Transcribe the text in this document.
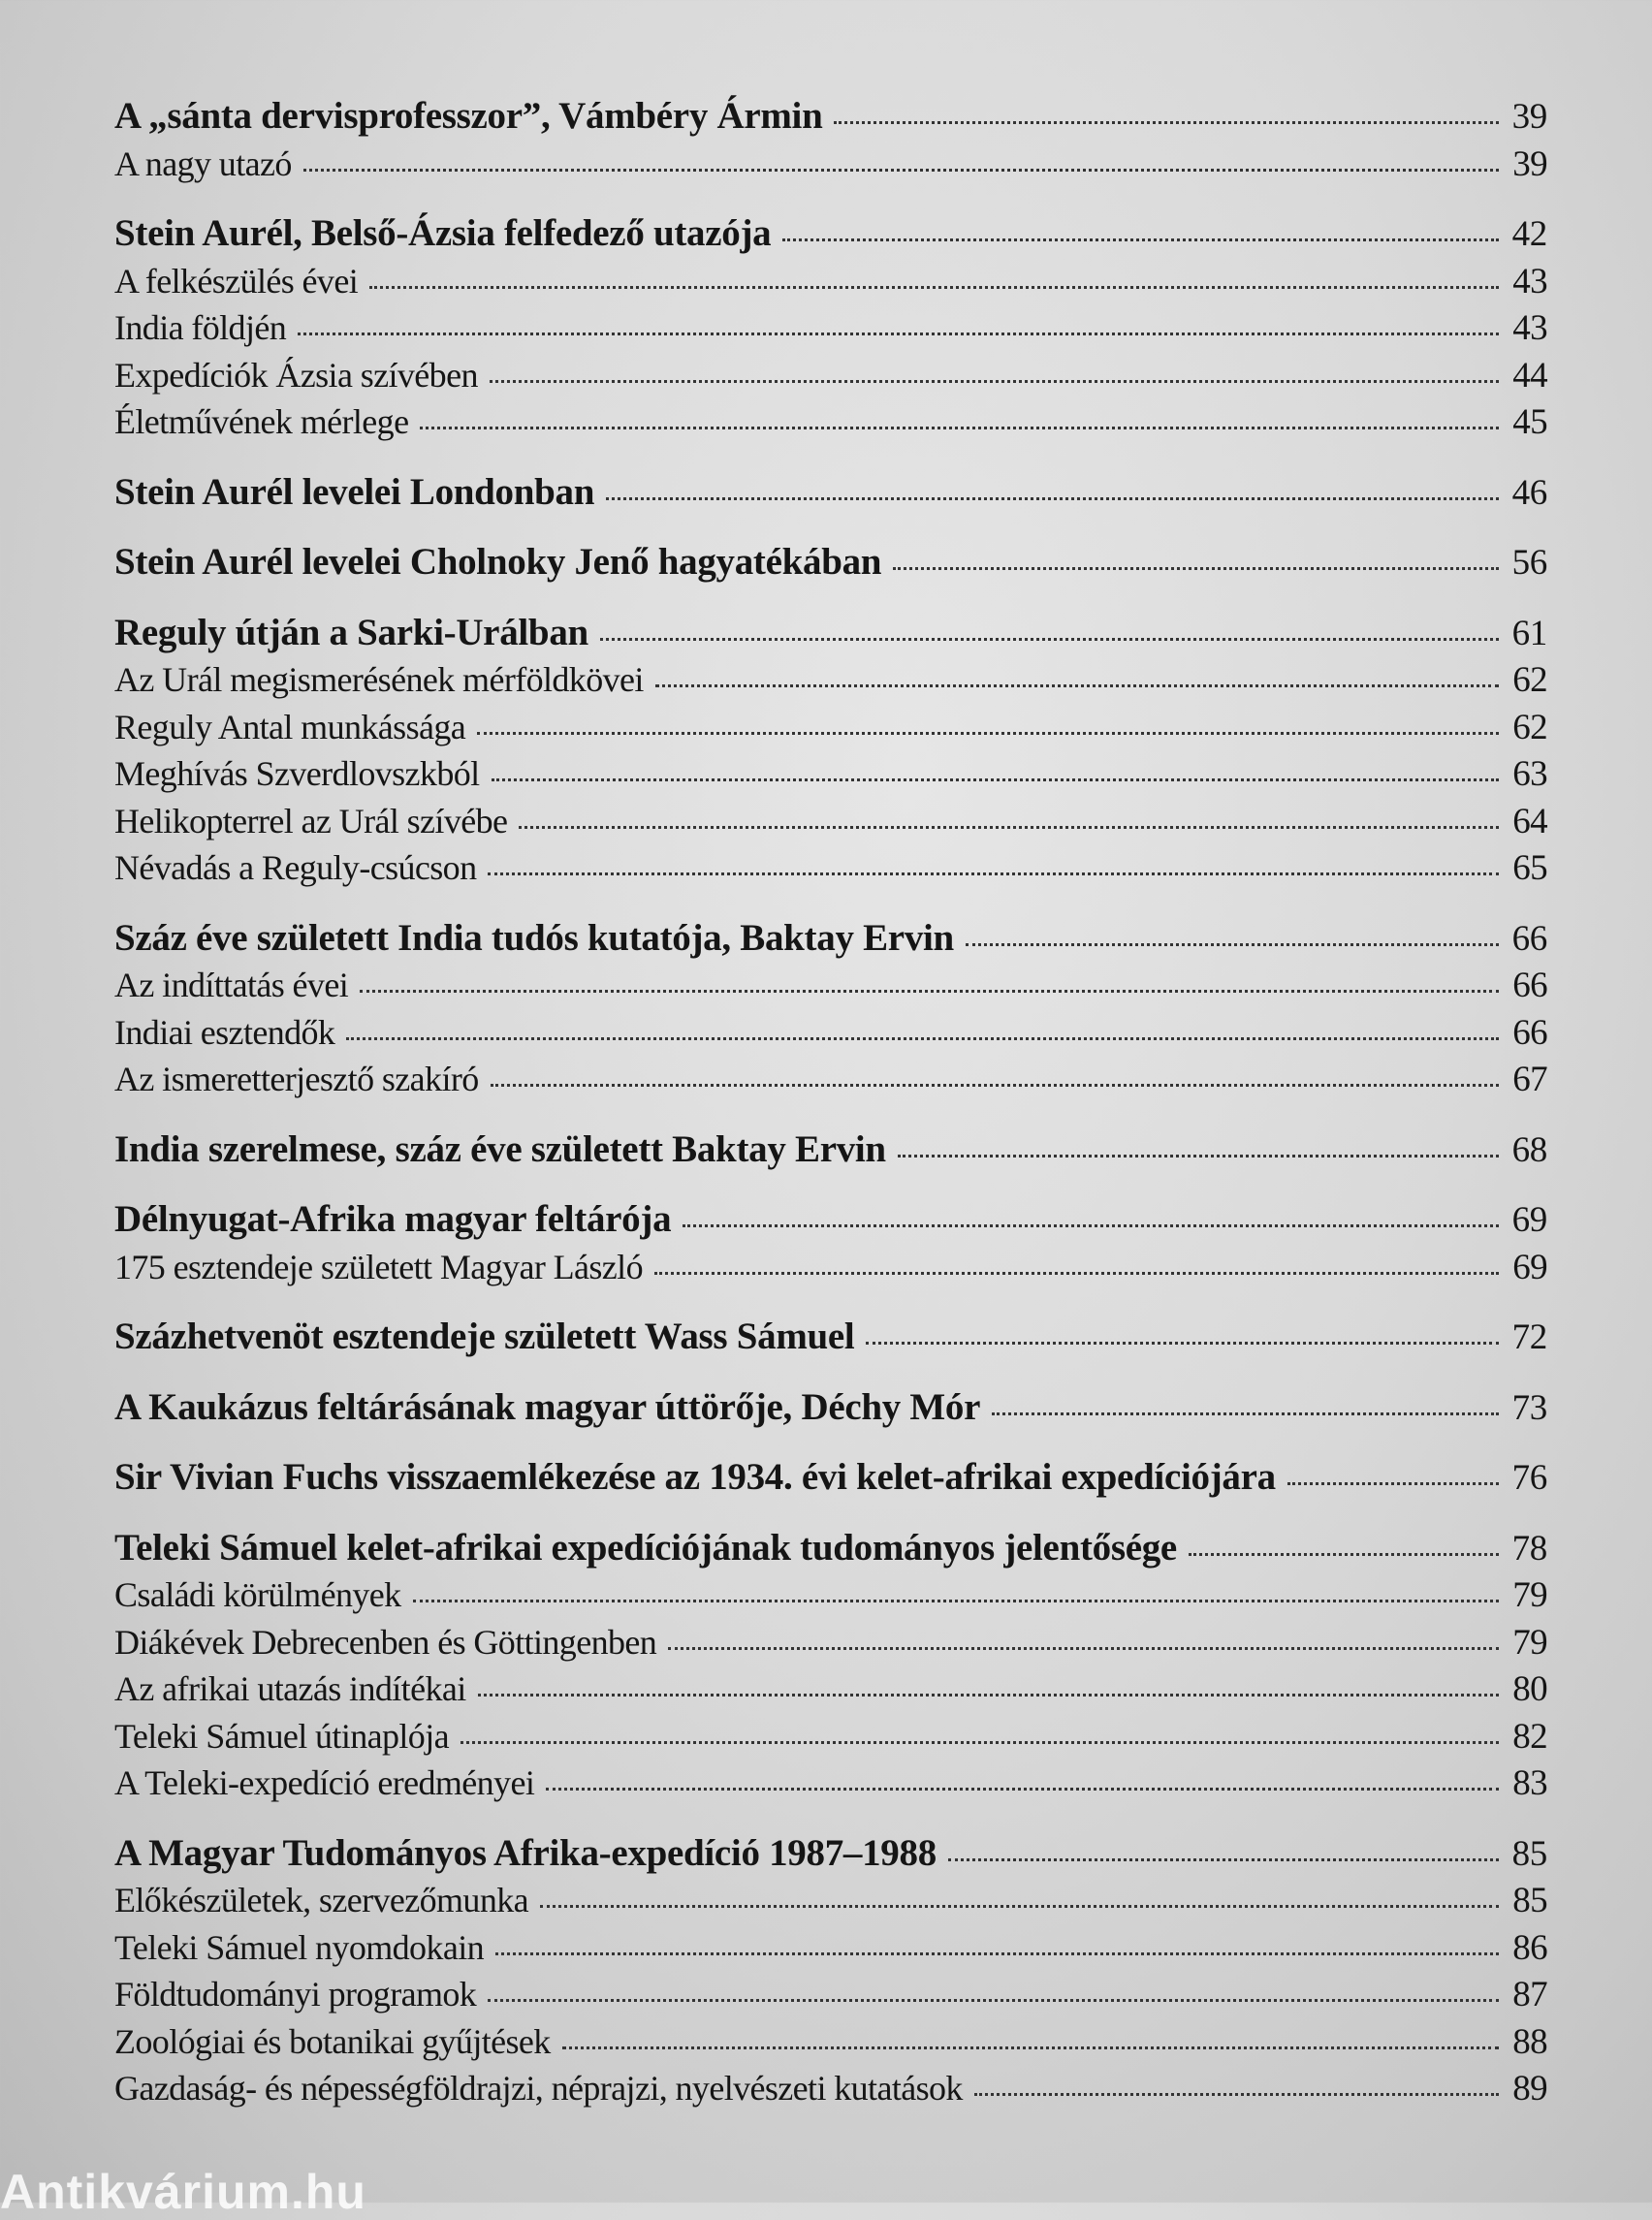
A „sánta dervisprofesszor”, Vámbéry Ármin	39
A nagy utazó	39
Stein Aurél, Belső-Ázsia felfedező utazója	42
A felkészülés évei	43
India földjén	43
Expedíciók Ázsia szívében	44
Életművének mérlege	45
Stein Aurél levelei Londonban	46
Stein Aurél levelei Cholnoky Jenő hagyatékában	56
Reguly útján a Sarki-Urálban	61
Az Urál megismerésének mérföldkövei	62
Reguly Antal munkássága	62
Meghívás Szverdlovszkból	63
Helikopterrel az Urál szívébe	64
Névadás a Reguly-csúcson	65
Száz éve született India tudós kutatója, Baktay Ervin	66
Az indíttatás évei	66
Indiai esztendők	66
Az ismeretterjesztő szakíró	67
India szerelmese, száz éve született Baktay Ervin	68
Délnyugat-Afrika magyar feltárója	69
175 esztendeje született Magyar László	69
Százhetvenöt esztendeje született Wass Sámuel	72
A Kaukázus feltárásának magyar úttörője, Déchy Mór	73
Sir Vivian Fuchs visszaemlékezése az 1934. évi kelet-afrikai expedíciójára	76
Teleki Sámuel kelet-afrikai expedíciójának tudományos jelentősége	78
Családi körülmények	79
Diákévek Debrecenben és Göttingenben	79
Az afrikai utazás indítékai	80
Teleki Sámuel útinaplója	82
A Teleki-expedíció eredményei	83
A Magyar Tudományos Afrika-expedíció 1987–1988	85
Előkészületek, szervezőmunka	85
Teleki Sámuel nyomdokain	86
Földtudományi programok	87
Zoológiai és botanikai gyűjtések	88
Gazdaság- és népességföldrajzi, néprajzi, nyelvészeti kutatások	89
Antikvárium.hu
